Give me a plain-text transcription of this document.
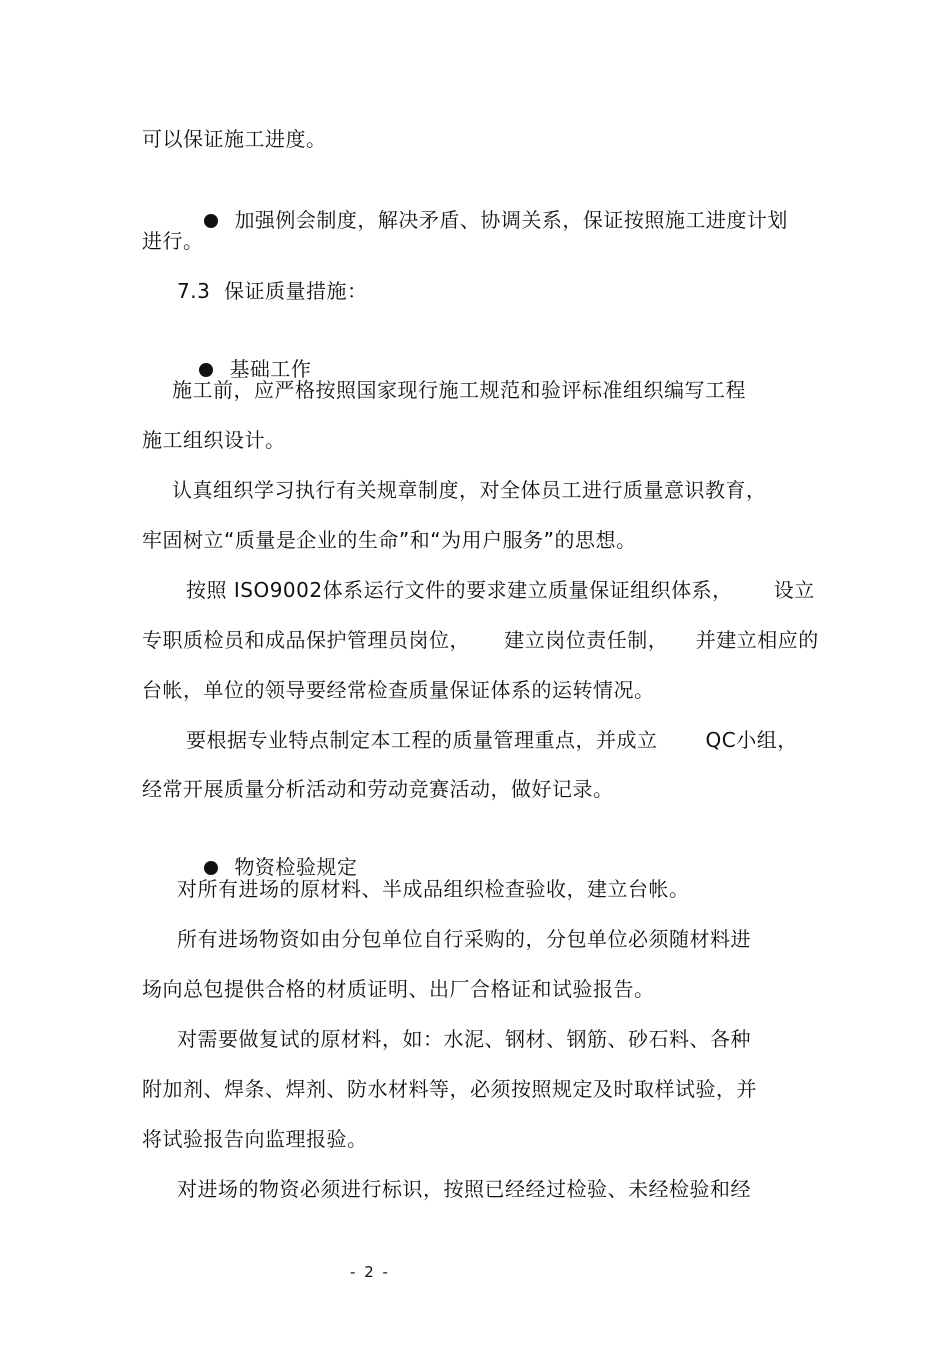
可以保证施工进度。

加强例会制度，解决矛盾、协调关系，保证按照施工进度计划

进行。
7.3  保证质量措施：

基础工作

施工前，应严格按照国家现行施工规范和验评标准组织编写工程
施工组织设计。
认真组织学习执行有关规章制度，对全体员工进行质量意识教育，
牢固树立“质量是企业的生命”和“为用户服务”的思想。
按照 ISO9002体系运行文件的要求建立质量保证组织体系，      设立
专职质检员和成品保护管理员岗位，     建立岗位责任制，    并建立相应的
台帐，单位的领导要经常检查质量保证体系的运转情况。
要根据专业特点制定本工程的质量管理重点，并成立       QC小组，
经常开展质量分析活动和劳动竞赛活动，做好记录。

物资检验规定

对所有进场的原材料、半成品组织检查验收，建立台帐。
所有进场物资如由分包单位自行采购的，分包单位必须随材料进
场向总包提供合格的材质证明、出厂合格证和试验报告。
对需要做复试的原材料，如：水泥、钢材、钢筋、砂石料、各种
附加剂、焊条、焊剂、防水材料等，必须按照规定及时取样试验，并
将试验报告向监理报验。
对进场的物资必须进行标识，按照已经经过检验、未经检验和经
- 2 -
